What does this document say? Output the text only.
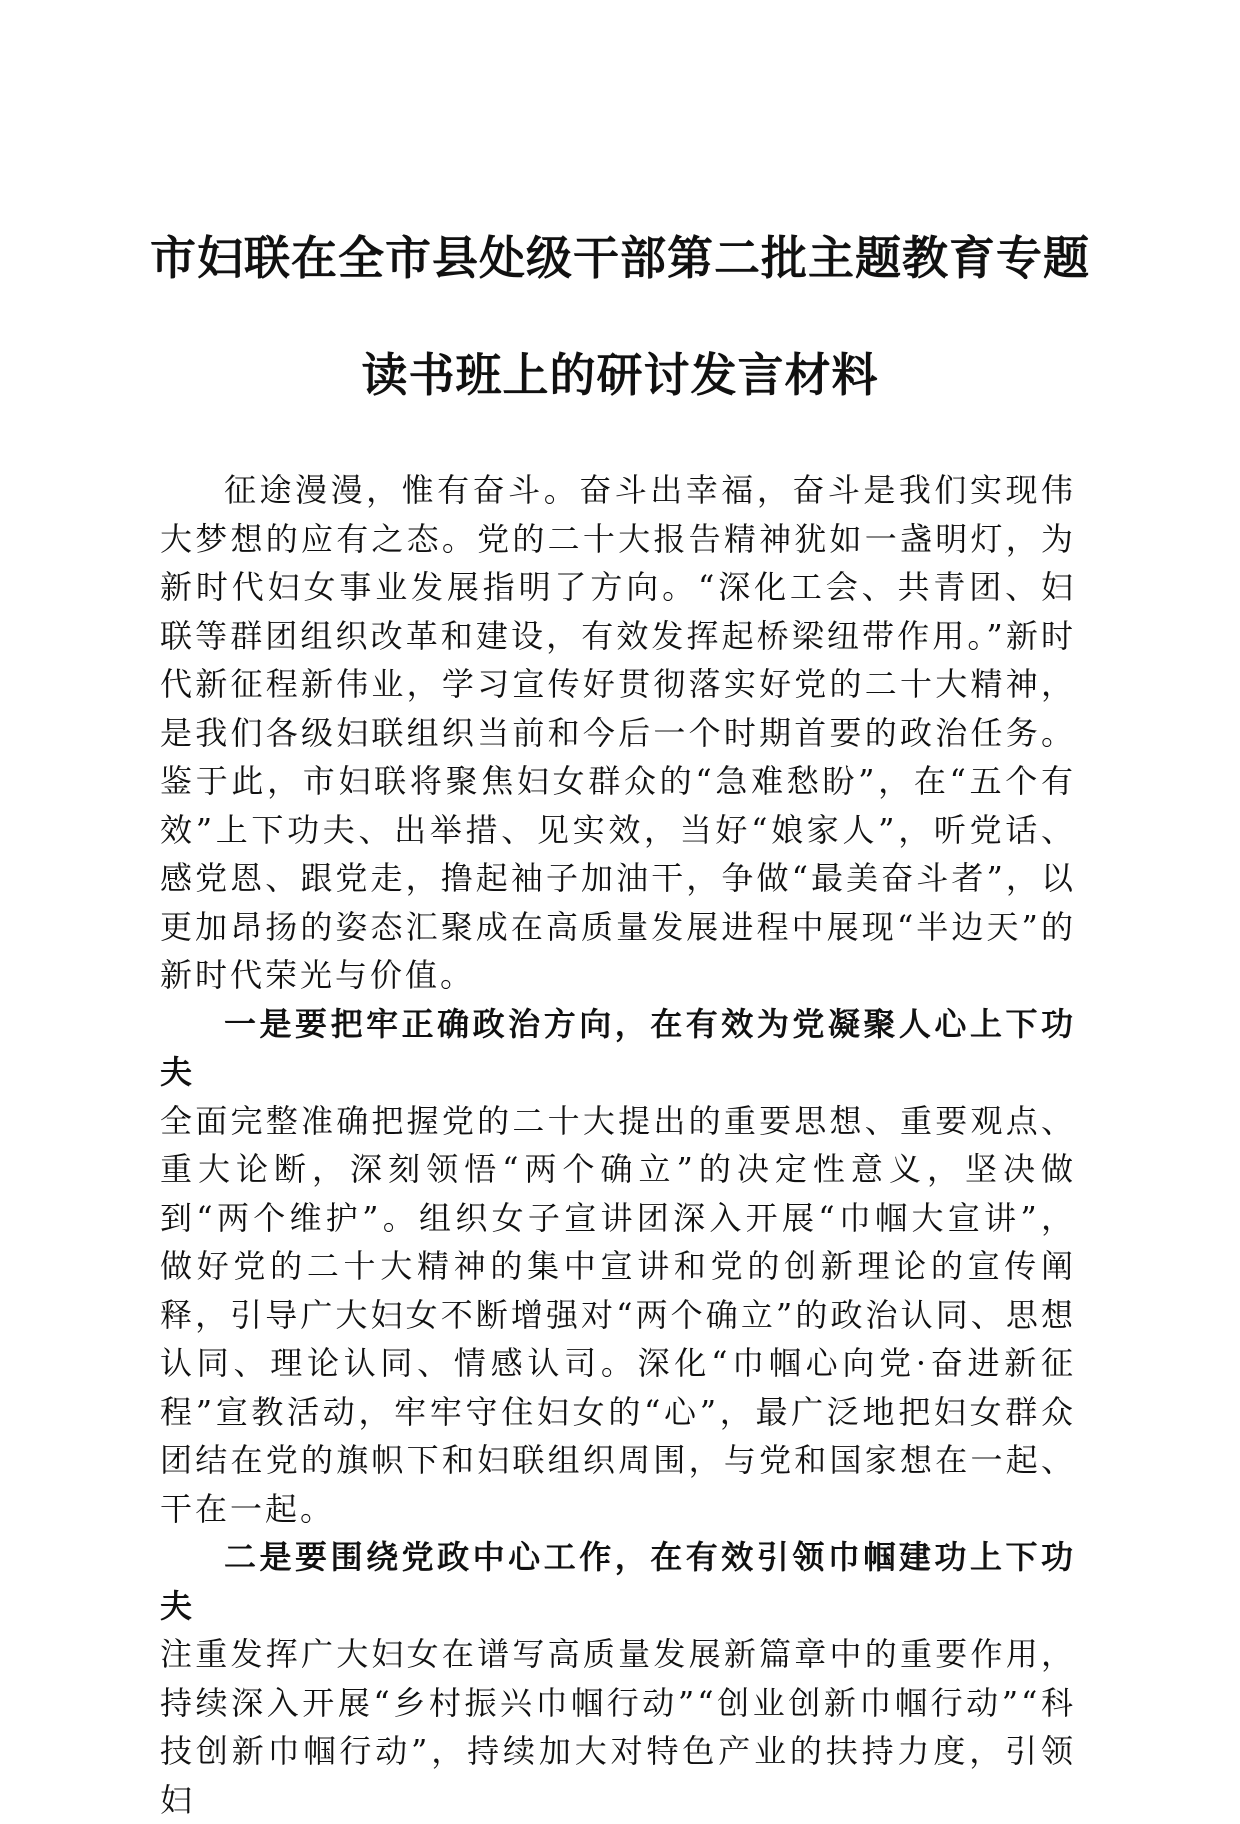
市妇联在全市县处级干部第二批主题教育专题
读书班上的研讨发言材料

征途漫漫，惟有奋斗。奋斗出幸福，奋斗是我们实现伟大梦想的应有之态。党的二十大报告精神犹如一盏明灯，为新时代妇女事业发展指明了方向。“深化工会、共青团、妇联等群团组织改革和建设，有效发挥起桥梁纽带作用。”新时代新征程新伟业，学习宣传好贯彻落实好党的二十大精神，是我们各级妇联组织当前和今后一个时期首要的政治任务。鉴于此，市妇联将聚焦妇女群众的“急难愁盼”，在“五个有效”上下功夫、出举措、见实效，当好“娘家人”，听党话、感党恩、跟党走，撸起袖子加油干，争做“最美奋斗者”，以更加昂扬的姿态汇聚成在高质量发展进程中展现“半边天”的新时代荣光与价值。

一是要把牢正确政治方向，在有效为党凝聚人心上下功夫

全面完整准确把握党的二十大提出的重要思想、重要观点、重大论断，深刻领悟“两个确立”的决定性意义，坚决做到“两个维护”。组织女子宣讲团深入开展“巾帼大宣讲”，做好党的二十大精神的集中宣讲和党的创新理论的宣传阐释，引导广大妇女不断增强对“两个确立”的政治认同、思想认同、理论认同、情感认司。深化“巾帼心向党·奋进新征程”宣教活动，牢牢守住妇女的“心”，最广泛地把妇女群众团结在党的旗帜下和妇联组织周围，与党和国家想在一起、干在一起。

二是要围绕党政中心工作，在有效引领巾帼建功上下功夫

注重发挥广大妇女在谱写高质量发展新篇章中的重要作用，持续深入开展“乡村振兴巾帼行动”“创业创新巾帼行动”“科技创新巾帼行动”，持续加大对特色产业的扶持力度，引领妇
